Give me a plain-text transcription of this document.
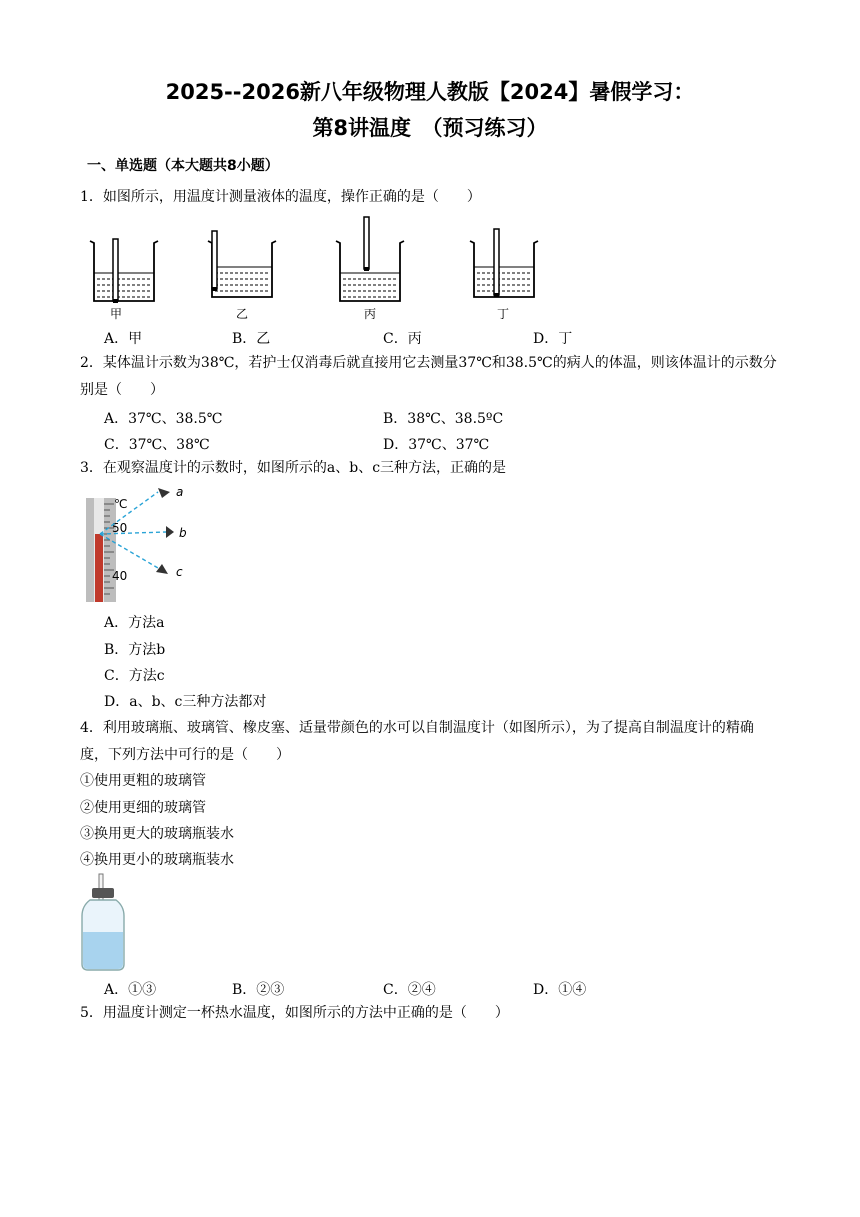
2025--2026新八年级物理人教版【2024】暑假学习：
第8讲温度　（预习练习）
一、单选题（本大题共8小题）
1．如图所示，用温度计测量液体的温度，操作正确的是（　　）
甲	乙	丙	丁
A．甲	B．乙	C．丙	D．丁
2．某体温计示数为38℃，若护士仅消毒后就直接用它去测量37℃和38.5℃的病人的体温，则该体温计的示数分别是（　　）
A．37℃、38.5℃	B．38℃、38.5ºC
C．37℃、38℃	D．37℃、37℃
3．在观察温度计的示数时，如图所示的a、b、c三种方法，正确的是
℃
50
40
a
b
c
A．方法a
B．方法b
C．方法c
D．a、b、c三种方法都对
4．利用玻璃瓶、玻璃管、橡皮塞、适量带颜色的水可以自制温度计（如图所示），为了提高自制温度计的精确度，下列方法中可行的是（　　）
①使用更粗的玻璃管
②使用更细的玻璃管
③换用更大的玻璃瓶装水
④换用更小的玻璃瓶装水
A．①③	B．②③	C．②④	D．①④
5．用温度计测定一杯热水温度，如图所示的方法中正确的是（　　）
